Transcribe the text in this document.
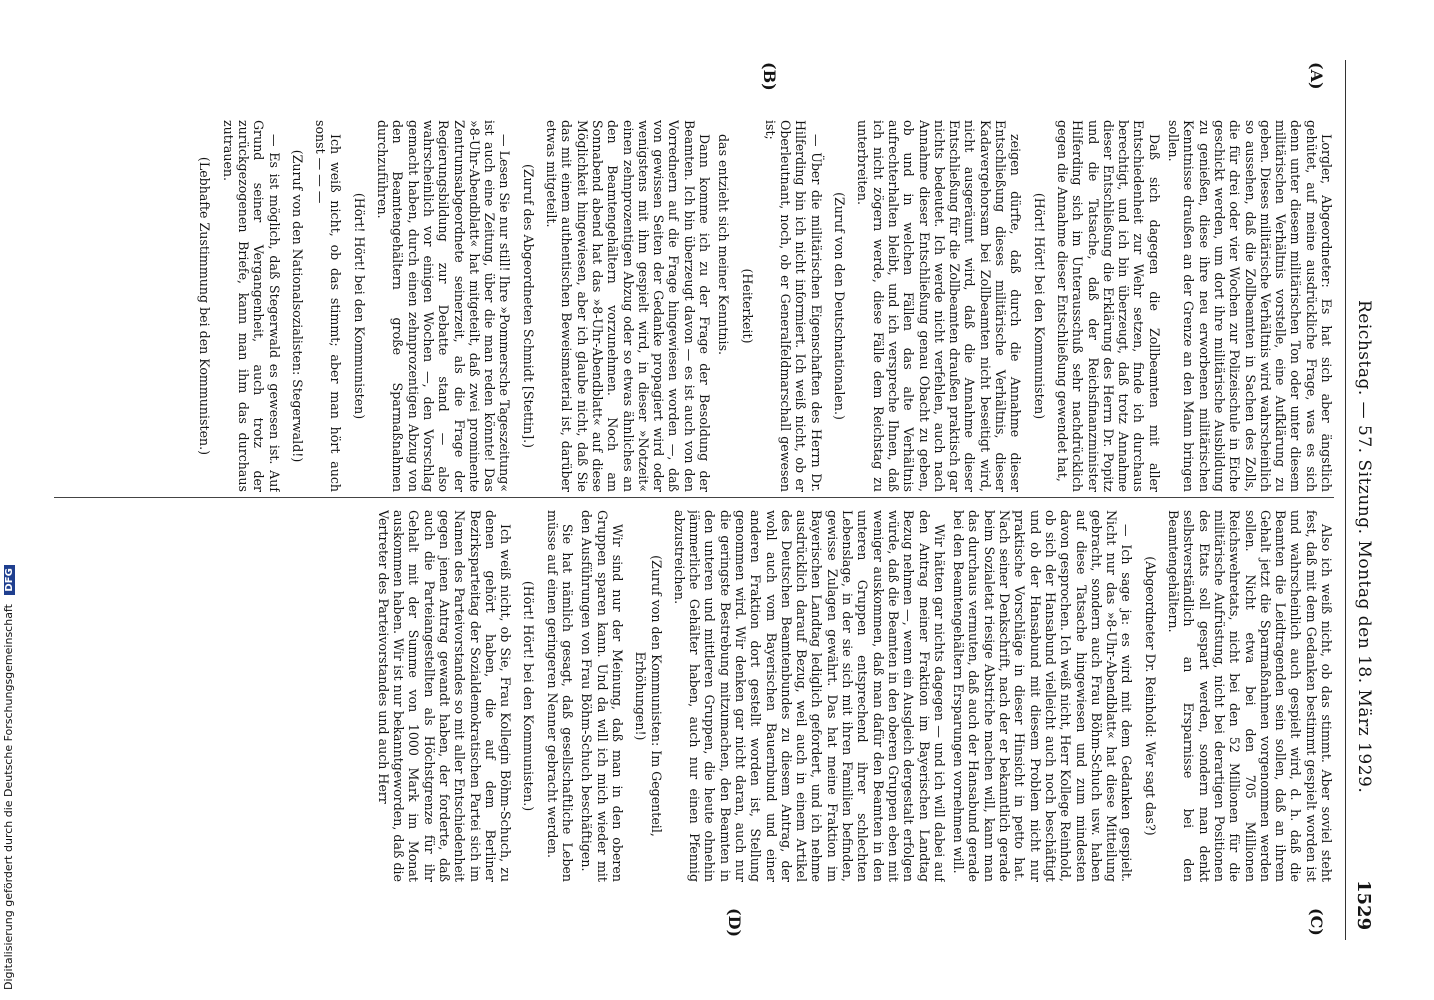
Reichstag. — 57. Sitzung. Montag den 18. März 1929.
1529
(A)
(B)
(C)
(D)

Lorgler, Abgeordneter: Es hat sich aber ängstlich gehütet, auf meine ausdrückliche Frage, was es sich denn unter diesem militärischen Ton oder unter diesem militärischen Verhältnis vorstelle, eine Aufklärung zu geben. Dieses militärische Verhältnis wird wahrscheinlich so aussehen, daß die Zollbeamten in Sachen des Zolls, die für drei oder vier Wochen zur Polizeischule in Eiche geschickt werden, um dort ihre militärische Ausbildung zu genießen, diese ihre neu erworbenen militärischen Kenntnisse draußen an der Grenze an den Mann bringen sollen.

Daß sich dagegen die Zollbeamten mit aller Entschiedenheit zur Wehr setzen, finde ich durchaus berechtigt, und ich bin überzeugt, daß trotz Annahme dieser Entschließung die Erklärung des Herrn Dr. Popitz und die Tatsache, daß der Reichsfinanzminister Hilferding sich im Unterausschuß sehr nachdrücklich gegen die Annahme dieser Entschließung gewendet hat,

(Hört! Hört! bei den Kommunisten)

zeigen dürfte, daß durch die Annahme dieser Entschließung dieses militärische Verhältnis, dieser Kadavergehorsam bei Zollbeamten nicht beseitigt wird, nicht ausgeräumt wird, daß die Annahme dieser Entschließung für die Zollbeamten draußen praktisch gar nichts bedeutet. Ich werde nicht verfehlen, auch nach Annahme dieser Entschließung genau Obacht zu geben, ob und in welchen Fällen das alte Verhältnis aufrechterhalten bleibt, und ich verspreche Ihnen, daß ich nicht zögern werde, diese Fälle dem Reichstag zu unterbreiten.

(Zuruf von den Deutschnationalen.)

— Über die militärischen Eigenschaften des Herrn Dr. Hilferding bin ich nicht informiert. Ich weiß nicht, ob er Oberleutnant, noch, ob er Generalfeldmarschall gewesen ist;

(Heiterkeit)

das entzieht sich meiner Kenntnis.

Dann komme ich zu der Frage der Besoldung der Beamten. Ich bin überzeugt davon — es ist auch von den Vorrednern auf die Frage hingewiesen worden —, daß von gewissen Seiten der Gedanke propagiert wird oder wenigstens mit ihm gespielt wird, in dieser »Notzeit« einen zehnprozentigen Abzug oder so etwas ähnliches an den Beamtengehältern vorzunehmen. Noch am Sonnabend abend hat das »8-Uhr-Abendblatt« auf diese Möglichkeit hingewiesen, aber ich glaube nicht, daß Sie das mit einem authentischen Beweismaterial ist, darüber etwas mitgeteilt.

(Zuruf des Abgeordneten Schmidt [Stettin].)

— Lesen Sie nur still! Ihre »Pommersche Tageszeitung« ist auch eine Zeitung, über die man reden könnte! Das »8-Uhr-Abendblatt« hat mitgeteilt, daß zwei prominente Zentrumsabgeordnete seinerzeit, als die Frage der Regierungsbildung zur Debatte stand — also wahrscheinlich vor einigen Wochen —, den Vorschlag gemacht haben, durch einen zehnprozentigen Abzug von den Beamtengehältern große Sparmaßnahmen durchzuführen.

(Hört! Hört! bei den Kommunisten)

Ich weiß nicht, ob das stimmt; aber man hört auch sonst — — —

(Zuruf von den Nationalsozialisten: Stegerwald!)

— Es ist möglich, daß Stegerwald es gewesen ist. Auf Grund seiner Vergangenheit, auch trotz der zurückgezogenen Briefe, kann man ihm das durchaus zutrauen.

(Lebhafte Zustimmung bei den Kommunisten.)

Also ich weiß nicht, ob das stimmt. Aber soviel steht fest, daß mit dem Gedanken bestimmt gespielt worden ist und wahrscheinlich auch gespielt wird, d. h. daß die Beamten die Leidtragenden sein sollen, daß an ihrem Gehalt jetzt die Sparmaßnahmen vorgenommen werden sollen. Nicht etwa bei den 705 Millionen Reichswehretats, nicht bei den 52 Millionen für die militärische Aufrüstung, nicht bei derartigen Positionen des Etats soll gespart werden, sondern man denkt selbstverständlich an Ersparnisse bei den Beamtengehältern.

(Abgeordneter Dr. Reinhold: Wer sagt das?)

— Ich sage ja: es wird mit dem Gedanken gespielt. Nicht nur das »8-Uhr-Abendblatt« hat diese Mitteilung gebracht, sondern auch Frau Böhm-Schuch usw. haben auf diese Tatsache hingewiesen und zum mindesten davon gesprochen. Ich weiß nicht, Herr Kollege Reinhold, ob sich der Hansabund vielleicht auch noch beschäftigt und ob der Hansabund mit diesem Problem nicht nur praktische Vorschläge in dieser Hinsicht in petto hat. Nach seiner Denkschrift, nach der er bekanntlich gerade beim Sozialetat riesige Abstriche machen will, kann man das durchaus vermuten, daß auch der Hansabund gerade bei den Beamtengehältern Ersparungen vornehmen will.

Wir hätten gar nichts dagegen — und ich will dabei auf den Antrag meiner Fraktion im Bayerischen Landtag Bezug nehmen —, wenn ein Ausgleich dergestalt erfolgen würde, daß die Beamten in den oberen Gruppen eben mit weniger auskommen, daß man dafür den Beamten in den unteren Gruppen entsprechend ihrer schlechten Lebenslage, in der sie sich mit ihren Familien befinden, gewisse Zulagen gewährt. Das hat meine Fraktion im Bayerischen Landtag lediglich gefordert, und ich nehme ausdrücklich darauf Bezug, weil auch in einem Artikel des Deutschen Beamtenbundes zu diesem Antrag, der wohl auch vom Bayerischen Bauernbund und einer anderen Fraktion dort gestellt worden ist, Stellung genommen wird. Wir denken gar nicht daran, auch nur die geringste Bestrebung mitzumachen, den Beamten in den unteren und mittleren Gruppen, die heute ohnehin jämmerliche Gehälter haben, auch nur einen Pfennig abzustreichen.

(Zuruf von den Kommunisten: Im Gegenteil, Erhöhungen!)

Wir sind nur der Meinung, daß man in den oberen Gruppen sparen kann. Und da will ich mich wieder mit den Ausführungen von Frau Böhm-Schuch beschäftigen.

Sie hat nämlich gesagt, daß gesellschaftliche Leben müsse auf einen geringeren Nenner gebracht werden.

(Hört! Hört! bei den Kommunisten.)

Ich weiß nicht, ob Sie, Frau Kollegin Böhm-Schuch, zu denen gehört haben, die auf dem Berliner Bezirksparteitag der Sozialdemokratischen Partei sich im Namen des Parteivorstandes so mit aller Entschiedenheit gegen jenen Antrag gewandt haben, der forderte, daß auch die Parteiangestellten als Höchstgrenze für ihr Gehalt mit der Summe von 1000 Mark im Monat auskommen haben. Wir ist nur bekanntgeworden, daß die Vertreter des Parteivorstandes und auch Herr

Digitalisierung gefördert durch die Deutsche Forschungsgemeinschaft DFG
